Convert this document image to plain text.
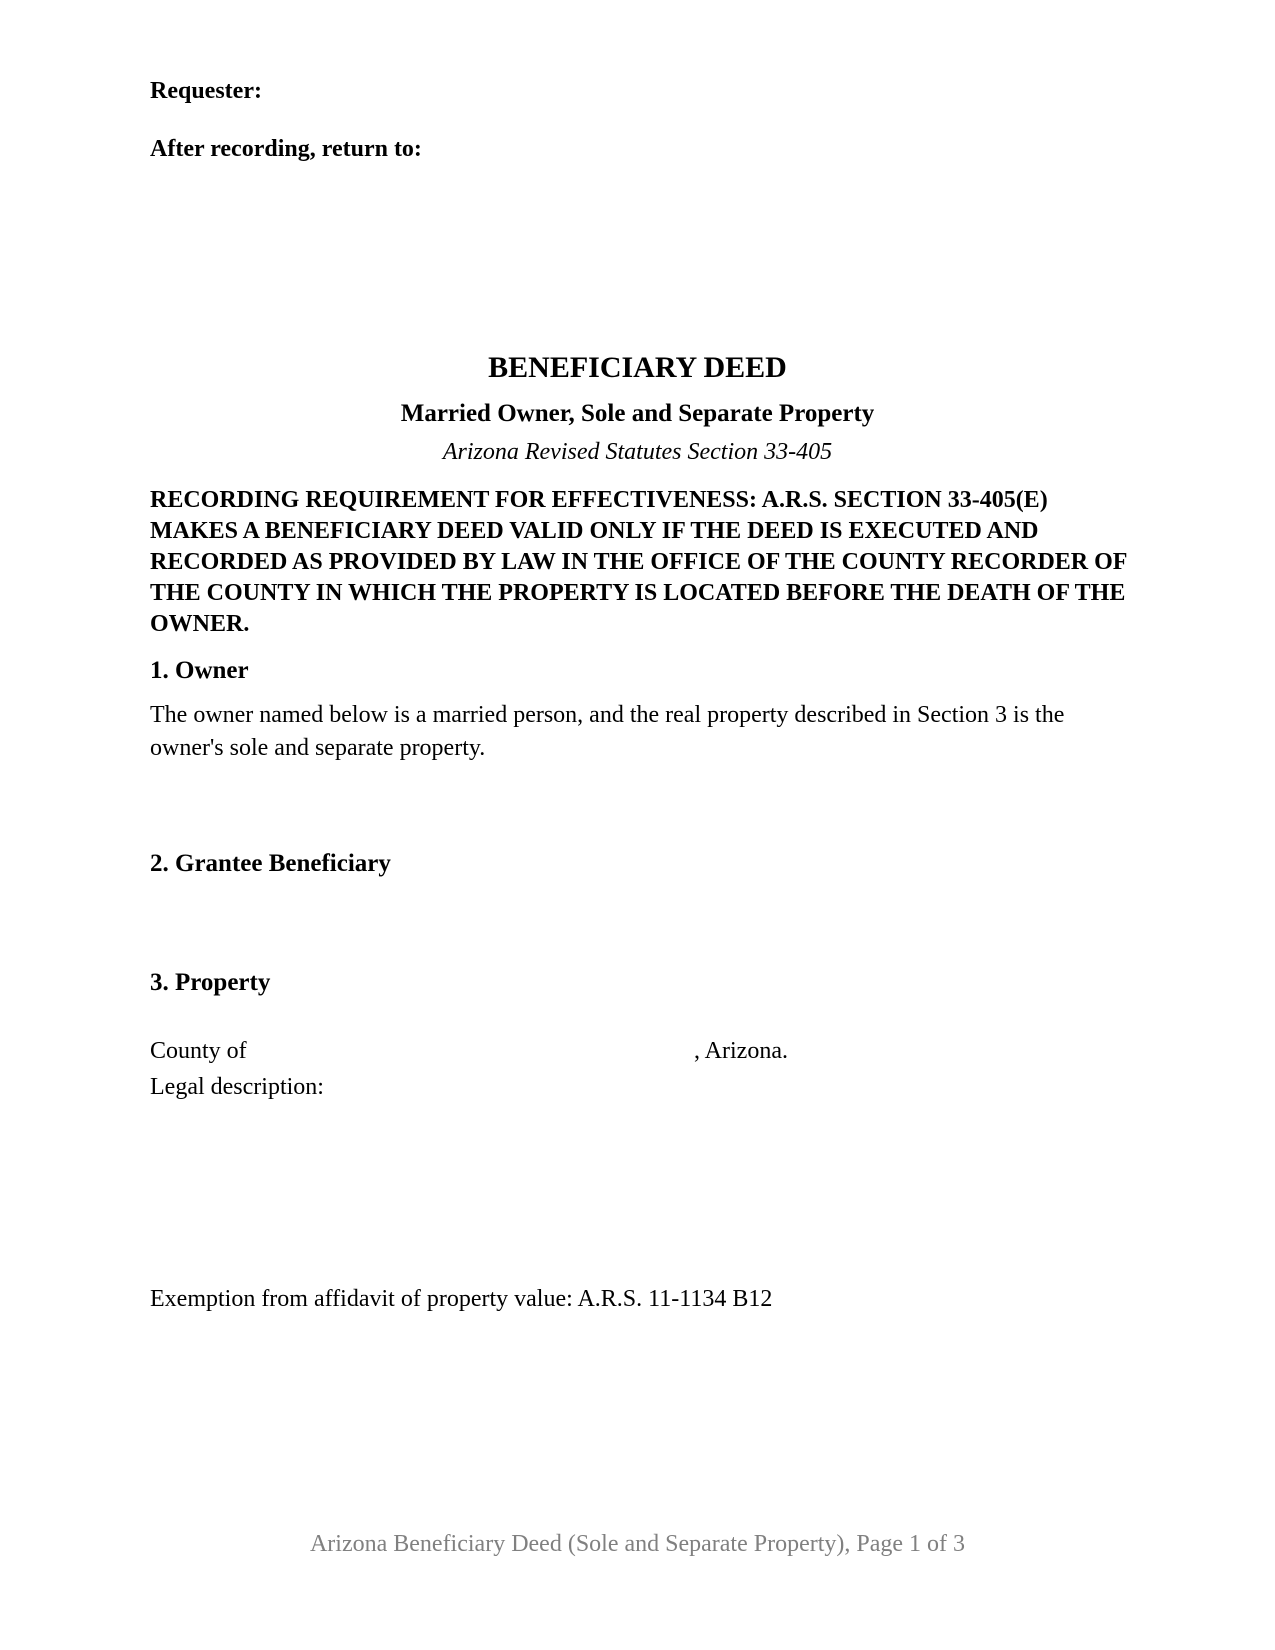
Requester:
After recording, return to:
BENEFICIARY DEED
Married Owner, Sole and Separate Property
Arizona Revised Statutes Section 33-405
RECORDING REQUIREMENT FOR EFFECTIVENESS: A.R.S. SECTION 33-405(E) MAKES A BENEFICIARY DEED VALID ONLY IF THE DEED IS EXECUTED AND RECORDED AS PROVIDED BY LAW IN THE OFFICE OF THE COUNTY RECORDER OF THE COUNTY IN WHICH THE PROPERTY IS LOCATED BEFORE THE DEATH OF THE OWNER.
1. Owner
The owner named below is a married person, and the real property described in Section 3 is the owner's sole and separate property.
2. Grantee Beneficiary
3. Property
County of	, Arizona.
Legal description:
Exemption from affidavit of property value: A.R.S. 11-1134 B12
Arizona Beneficiary Deed (Sole and Separate Property), Page 1 of 3
